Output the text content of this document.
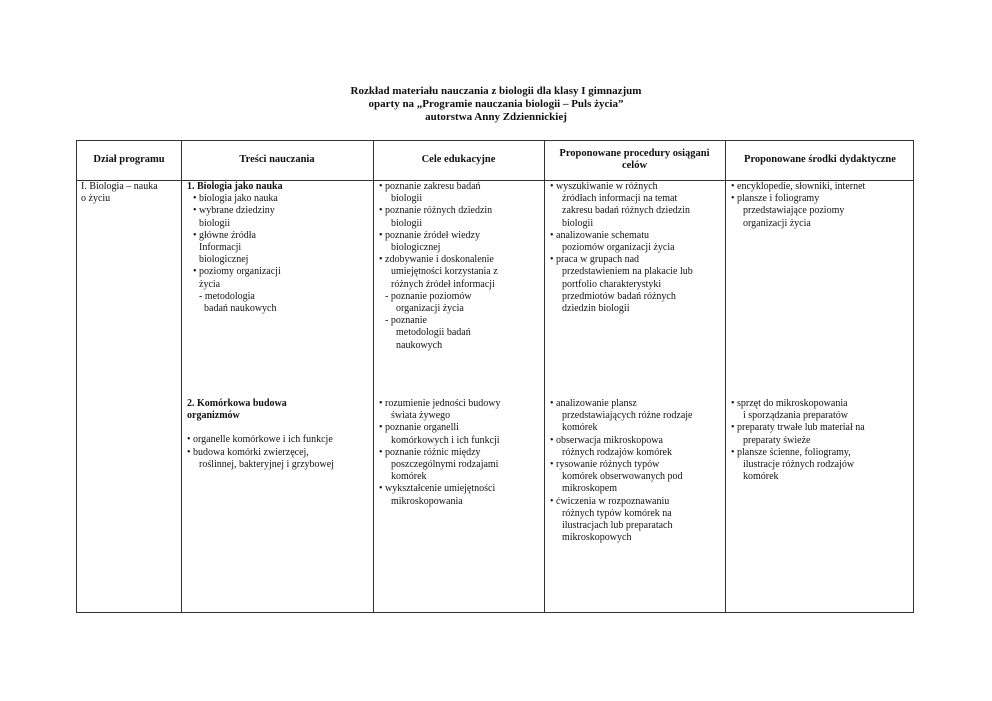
Rozkład materiału nauczania z biologii dla klasy I gimnazjum
oparty na „Programie nauczania biologii – Puls życia”
autorstwa Anny Zdziennickiej
Dział programu	Treści nauczania	Cele edukacyjne
Proponowane procedury osiągani celów
Proponowane środki dydaktyczne
I. Biologia – nauka
o życiu
1. Biologia jako nauka
• biologia jako nauka
• wybrane dziedziny
biologii
• główne źródła
Informacji
biologicznej
• poziomy organizacji
życia
- metodologia
badań naukowych
• poznanie zakresu badań
biologii
• poznanie różnych dziedzin
biologii
• poznanie źródeł wiedzy
biologicznej
• zdobywanie i doskonalenie
umiejętności korzystania z
różnych źródeł informacji
- poznanie poziomów
organizacji życia
- poznanie
metodologii badań
naukowych
• wyszukiwanie w różnych
źródłach informacji na temat
zakresu badań różnych dziedzin
biologii
• analizowanie schematu
poziomów organizacji życia
• praca w grupach nad
przedstawieniem na plakacie lub
portfolio charakterystyki
przedmiotów badań różnych
dziedzin biologii
• encyklopedie, słowniki, internet
• plansze i foliogramy
przedstawiające poziomy
organizacji życia
2. Komórkowa budowa
organizmów
• organelle komórkowe i ich funkcje
• budowa komórki zwierzęcej,
roślinnej, bakteryjnej i grzybowej
• rozumienie jedności budowy
świata żywego
• poznanie organelli
komórkowych i ich funkcji
• poznanie różnic między
poszczególnymi rodzajami
komórek
• wykształcenie umiejętności
mikroskopowania
• analizowanie plansz
przedstawiających różne rodzaje
komórek
• obserwacja mikroskopowa
różnych rodzajów komórek
• rysowanie różnych typów
komórek obserwowanych pod
mikroskopem
• ćwiczenia w rozpoznawaniu
różnych typów komórek na
ilustracjach lub preparatach
mikroskopowych
• sprzęt do mikroskopowania
i sporządzania preparatów
• preparaty trwałe lub materiał na
preparaty świeże
• plansze ścienne, foliogramy,
ilustracje różnych rodzajów
komórek
